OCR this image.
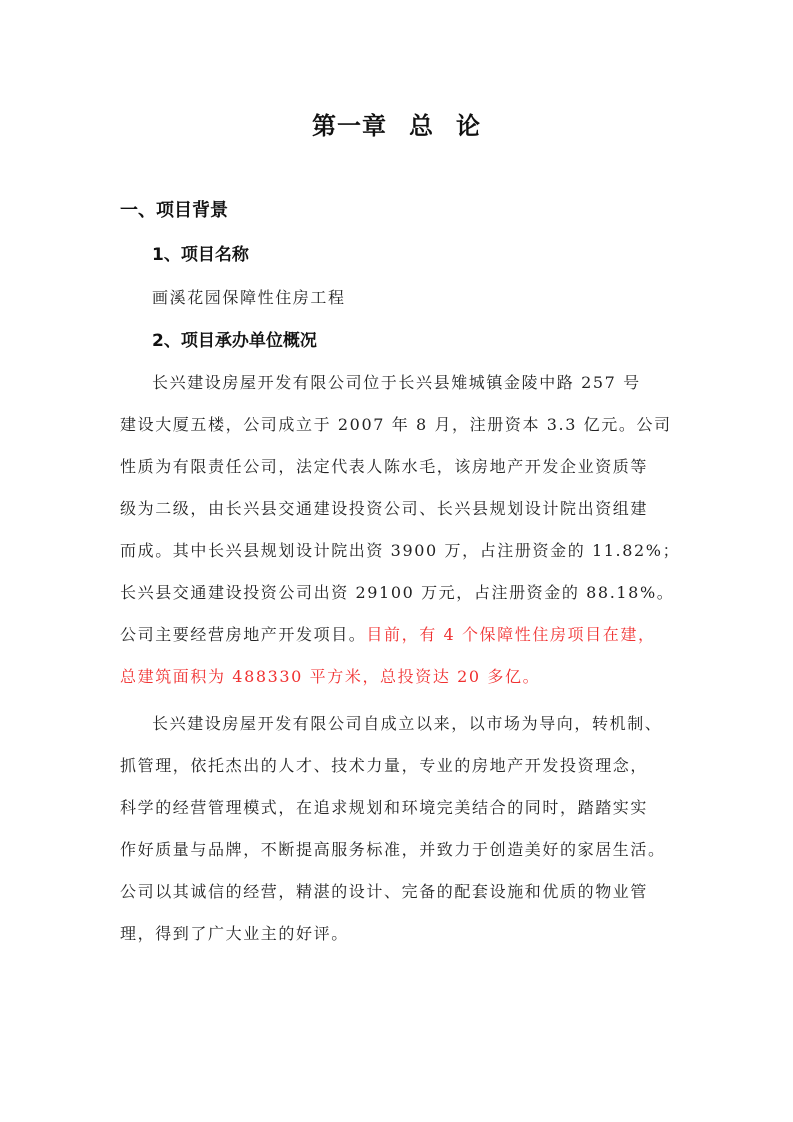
第一章 总 论
一、项目背景
1、项目名称
画溪花园保障性住房工程
2、项目承办单位概况
长兴建设房屋开发有限公司位于长兴县雉城镇金陵中路 257 号
建设大厦五楼，公司成立于 2007 年 8 月，注册资本 3.3 亿元。公司
性质为有限责任公司，法定代表人陈水毛，该房地产开发企业资质等
级为二级，由长兴县交通建设投资公司、长兴县规划设计院出资组建
而成。其中长兴县规划设计院出资 3900 万，占注册资金的 11.82%；
长兴县交通建设投资公司出资 29100 万元，占注册资金的 88.18%。
公司主要经营房地产开发项目。目前，有 4 个保障性住房项目在建，
总建筑面积为 488330 平方米，总投资达 20 多亿。
长兴建设房屋开发有限公司自成立以来，以市场为导向，转机制、
抓管理，依托杰出的人才、技术力量，专业的房地产开发投资理念，
科学的经营管理模式，在追求规划和环境完美结合的同时，踏踏实实
作好质量与品牌，不断提高服务标准，并致力于创造美好的家居生活。
公司以其诚信的经营，精湛的设计、完备的配套设施和优质的物业管
理，得到了广大业主的好评。
